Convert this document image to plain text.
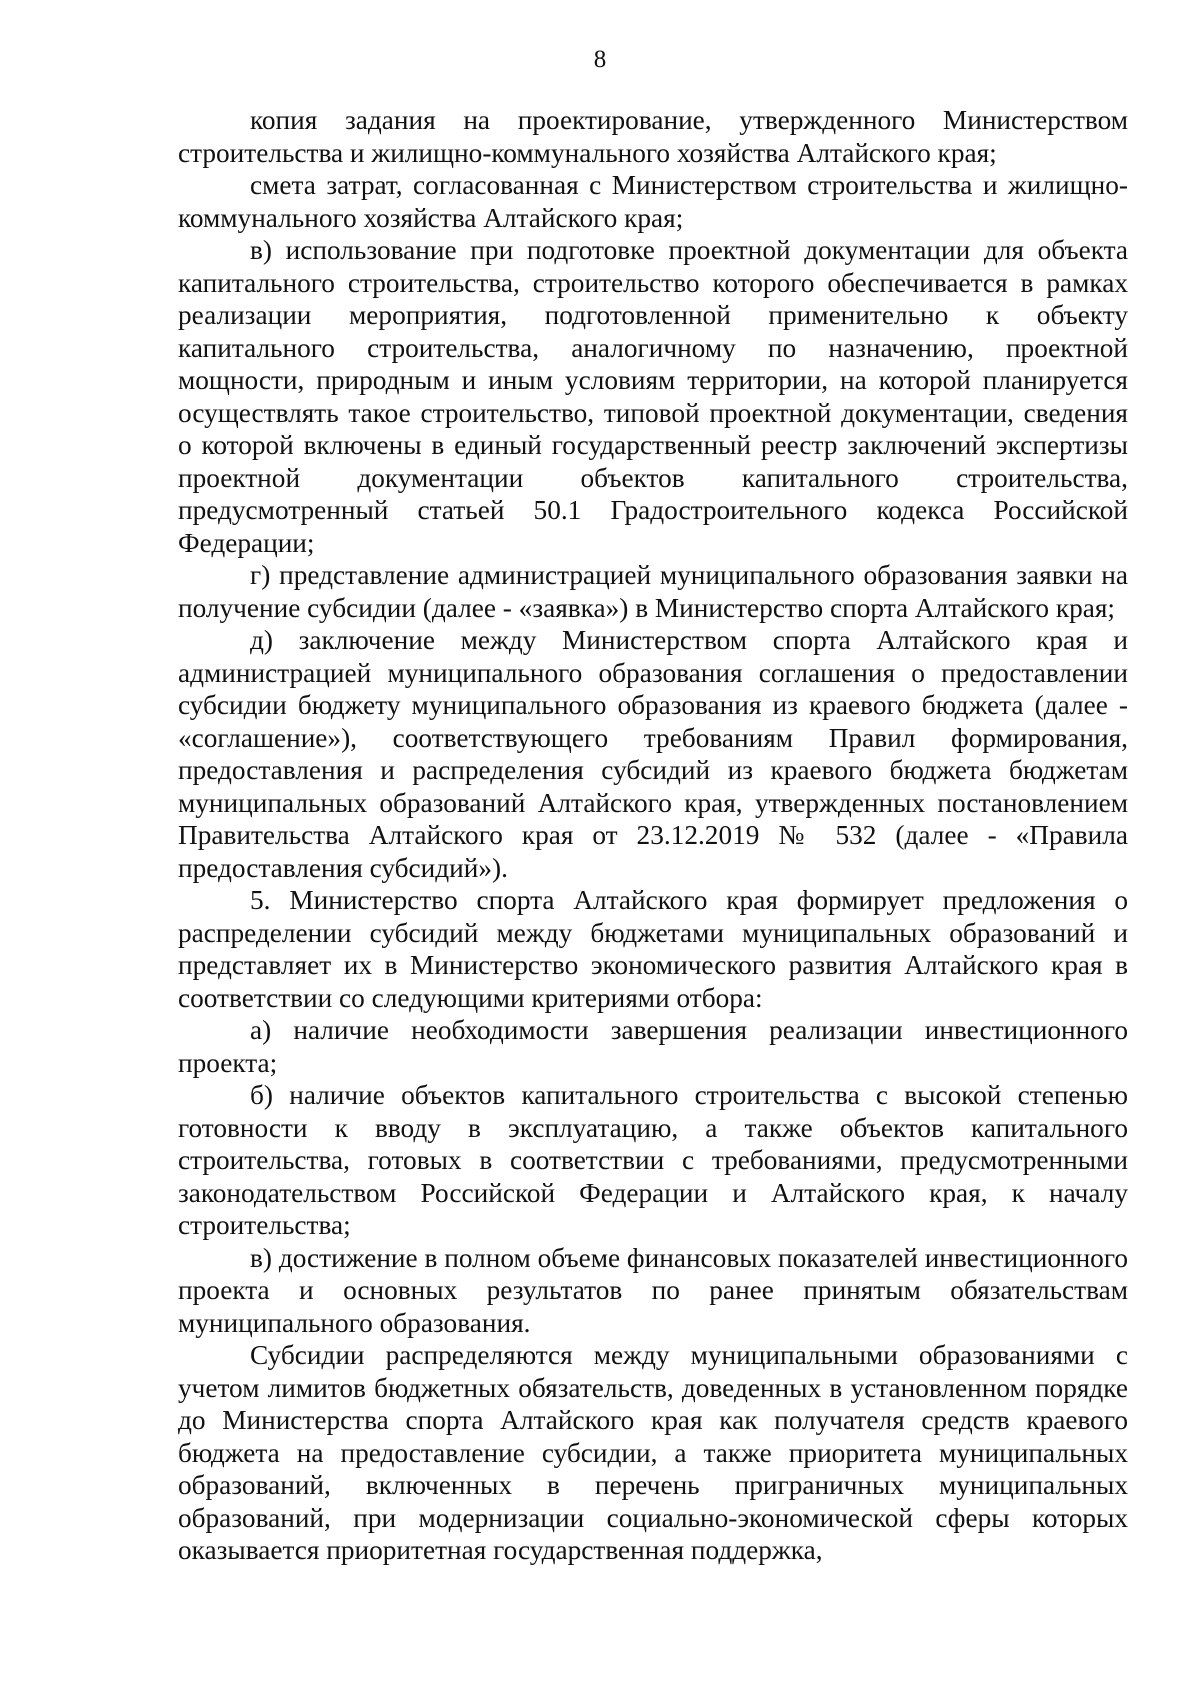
8

копия задания на проектирование, утвержденного Министерством строительства и жилищно-коммунального хозяйства Алтайского края;

смета затрат, согласованная с Министерством строительства и жилищно-коммунального хозяйства Алтайского края;

в) использование при подготовке проектной документации для объекта капитального строительства, строительство которого обеспечивается в рамках реализации мероприятия, подготовленной применительно к объекту капитального строительства, аналогичному по назначению, проектной мощности, природным и иным условиям территории, на которой планируется осуществлять такое строительство, типовой проектной документации, сведения о которой включены в единый государственный реестр заключений экспертизы проектной документации объектов капитального строительства, предусмотренный статьей 50.1 Градостроительного кодекса Российской Федерации;

г) представление администрацией муниципального образования заявки на получение субсидии (далее - «заявка») в Министерство спорта Алтайского края;

д) заключение между Министерством спорта Алтайского края и администрацией муниципального образования соглашения о предоставлении субсидии бюджету муниципального образования из краевого бюджета (далее - «соглашение»), соответствующего требованиям Правил формирования, предоставления и распределения субсидий из краевого бюджета бюджетам муниципальных образований Алтайского края, утвержденных постановлением Правительства Алтайского края от 23.12.2019 № 532 (далее - «Правила предоставления субсидий»).

5. Министерство спорта Алтайского края формирует предложения о распределении субсидий между бюджетами муниципальных образований и представляет их в Министерство экономического развития Алтайского края в соответствии со следующими критериями отбора:

а) наличие необходимости завершения реализации инвестиционного проекта;

б) наличие объектов капитального строительства с высокой степенью готовности к вводу в эксплуатацию, а также объектов капитального строительства, готовых в соответствии с требованиями, предусмотренными законодательством Российской Федерации и Алтайского края, к началу строительства;

в) достижение в полном объеме финансовых показателей инвестиционного проекта и основных результатов по ранее принятым обязательствам муниципального образования.

Субсидии распределяются между муниципальными образованиями с учетом лимитов бюджетных обязательств, доведенных в установленном порядке до Министерства спорта Алтайского края как получателя средств краевого бюджета на предоставление субсидии, а также приоритета муниципальных образований, включенных в перечень приграничных муниципальных образований, при модернизации социально-экономической сферы которых оказывается приоритетная государственная поддержка,
